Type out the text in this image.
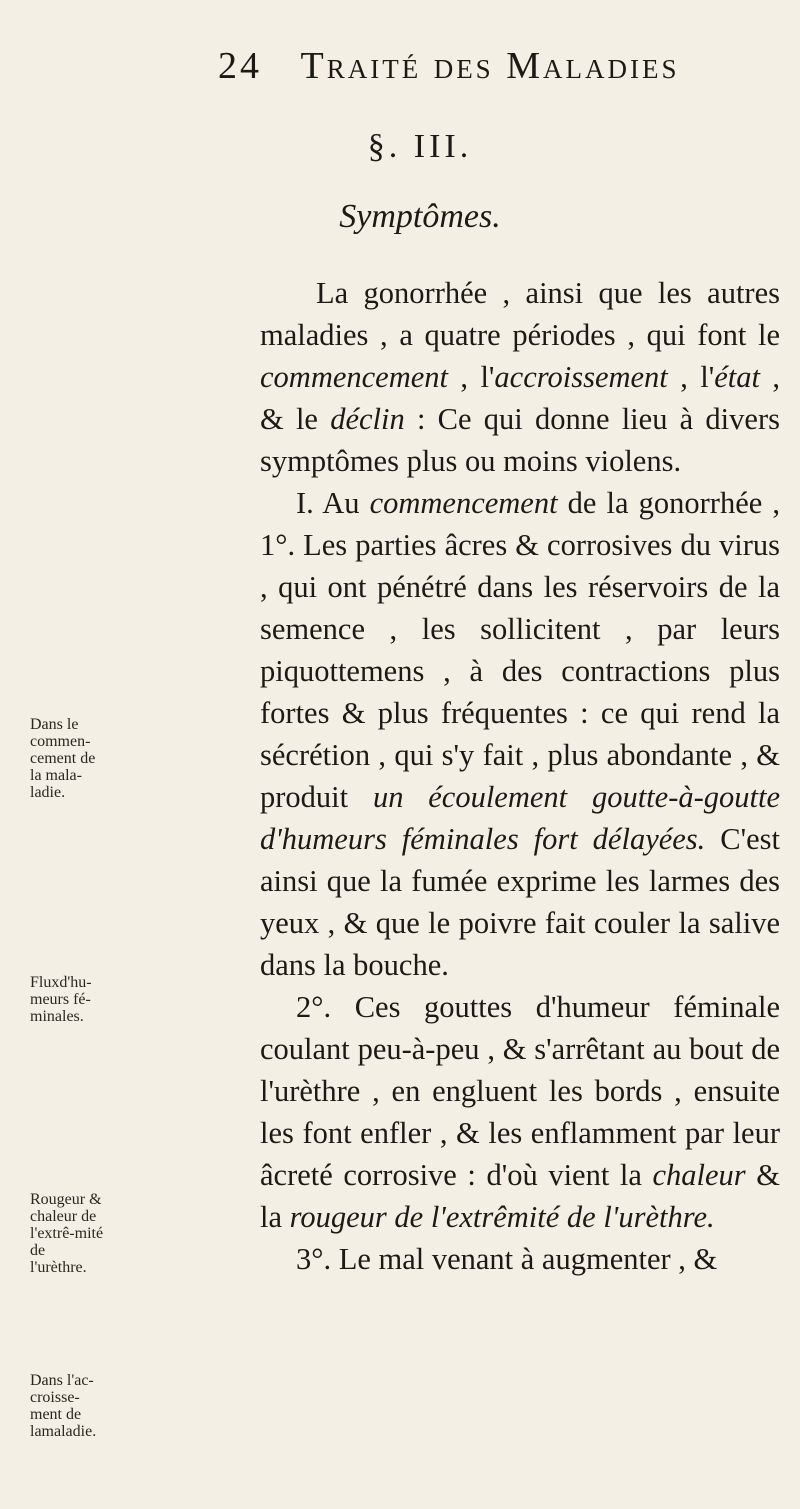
24 Traité des Maladies
§. III.
Symptômes.

La gonorrhée , ainsi que les autres maladies , a quatre périodes , qui font le commencement , l'accroissement , l'état , & le déclin : Ce qui donne lieu à divers symptômes plus ou moins violens.

I. Au commencement de la gonorrhée , 1°. Les parties âcres & corrosives du virus , qui ont pénétré dans les réservoirs de la semence , les sollicitent , par leurs piquottemens , à des contractions plus fortes & plus fréquentes : ce qui rend la sécrétion , qui s'y fait , plus abondante , & produit un écoulement goutte-à-goutte d'humeurs féminales fort délayées. C'est ainsi que la fumée exprime les larmes des yeux , & que le poivre fait couler la salive dans la bouche.

2°. Ces gouttes d'humeur féminale coulant peu-à-peu , & s'arrêtant au bout de l'urèthre , en engluent les bords , ensuite les font enfler , & les enflamment par leur âcreté corrosive : d'où vient la chaleur & la rougeur de l'extrêmité de l'urèthre.

3°. Le mal venant à augmenter , &

Dans le commen-cement de la mala-ladie.
Fluxd'hu-meurs fé-minales.
Rougeur & chaleur de l'extrê-mité de l'urèthre.
Dans l'ac-croisse-ment de lamaladie.
